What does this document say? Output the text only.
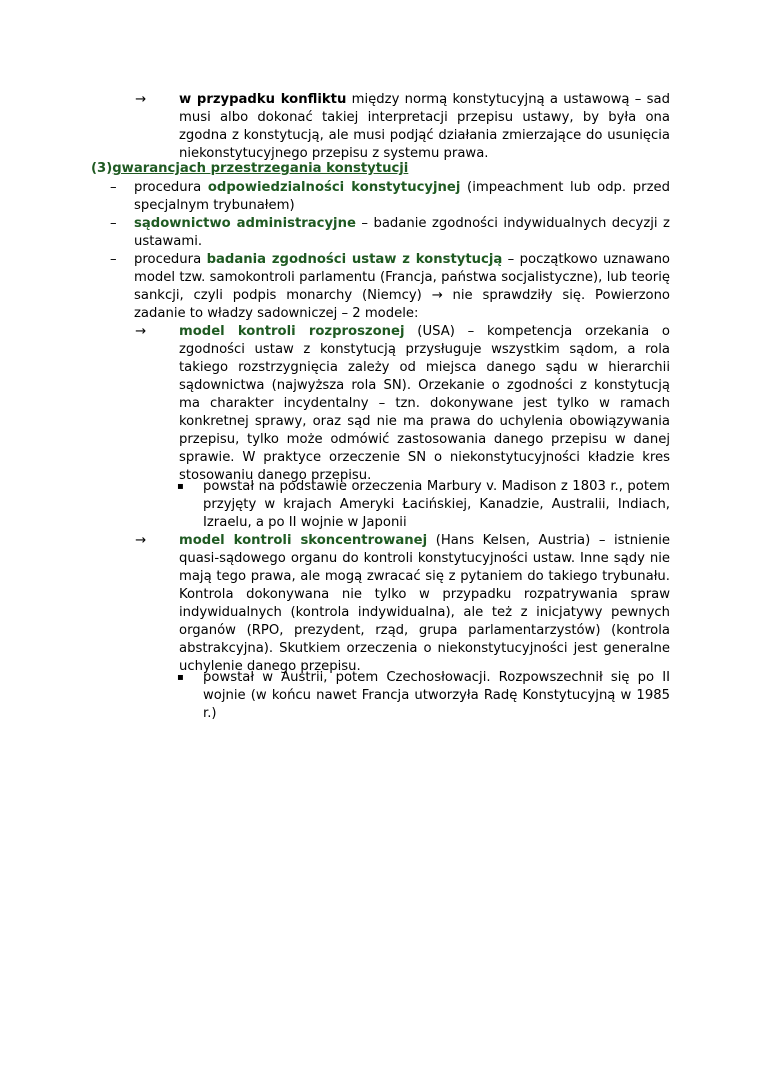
→	w przypadku konfliktu między normą konstytucyjną a ustawową – sad musi albo dokonać takiej interpretacji przepisu ustawy, by była ona zgodna z konstytucją, ale musi podjąć działania zmierzające do usunięcia niekonstytucyjnego przepisu z systemu prawa.
(3)gwarancjach przestrzegania konstytucji
–	procedura odpowiedzialności konstytucyjnej (impeachment lub odp. przed specjalnym trybunałem)
–	sądownictwo administracyjne – badanie zgodności indywidualnych decyzji z ustawami.
–	procedura badania zgodności ustaw z konstytucją – początkowo uznawano model tzw. samokontroli parlamentu (Francja, państwa socjalistyczne), lub teorię sankcji, czyli podpis monarchy (Niemcy) → nie sprawdziły się. Powierzono zadanie to władzy sadowniczej – 2 modele:
→	model kontroli rozproszonej (USA) – kompetencja orzekania o zgodności ustaw z konstytucją przysługuje wszystkim sądom, a rola takiego rozstrzygnięcia zależy od miejsca danego sądu w hierarchii sądownictwa (najwyższa rola SN). Orzekanie o zgodności z konstytucją ma charakter incydentalny – tzn. dokonywane jest tylko w ramach konkretnej sprawy, oraz sąd nie ma prawa do uchylenia obowiązywania przepisu, tylko może odmówić zastosowania danego przepisu w danej sprawie. W praktyce orzeczenie SN o niekonstytucyjności kładzie kres stosowaniu danego przepisu.
▪	powstał na podstawie orzeczenia Marbury v. Madison z 1803 r., potem przyjęty w krajach Ameryki Łacińskiej, Kanadzie, Australii, Indiach, Izraelu, a po II wojnie w Japonii
→	model kontroli skoncentrowanej (Hans Kelsen, Austria) – istnienie quasi-sądowego organu do kontroli konstytucyjności ustaw. Inne sądy nie mają tego prawa, ale mogą zwracać się z pytaniem do takiego trybunału. Kontrola dokonywana nie tylko w przypadku rozpatrywania spraw indywidualnych (kontrola indywidualna), ale też z inicjatywy pewnych organów (RPO, prezydent, rząd, grupa parlamentarzystów) (kontrola abstrakcyjna). Skutkiem orzeczenia o niekonstytucyjności jest generalne uchylenie danego przepisu.
▪	powstał w Austrii, potem Czechosłowacji. Rozpowszechnił się po II wojnie (w końcu nawet Francja utworzyła Radę Konstytucyjną w 1985 r.)
